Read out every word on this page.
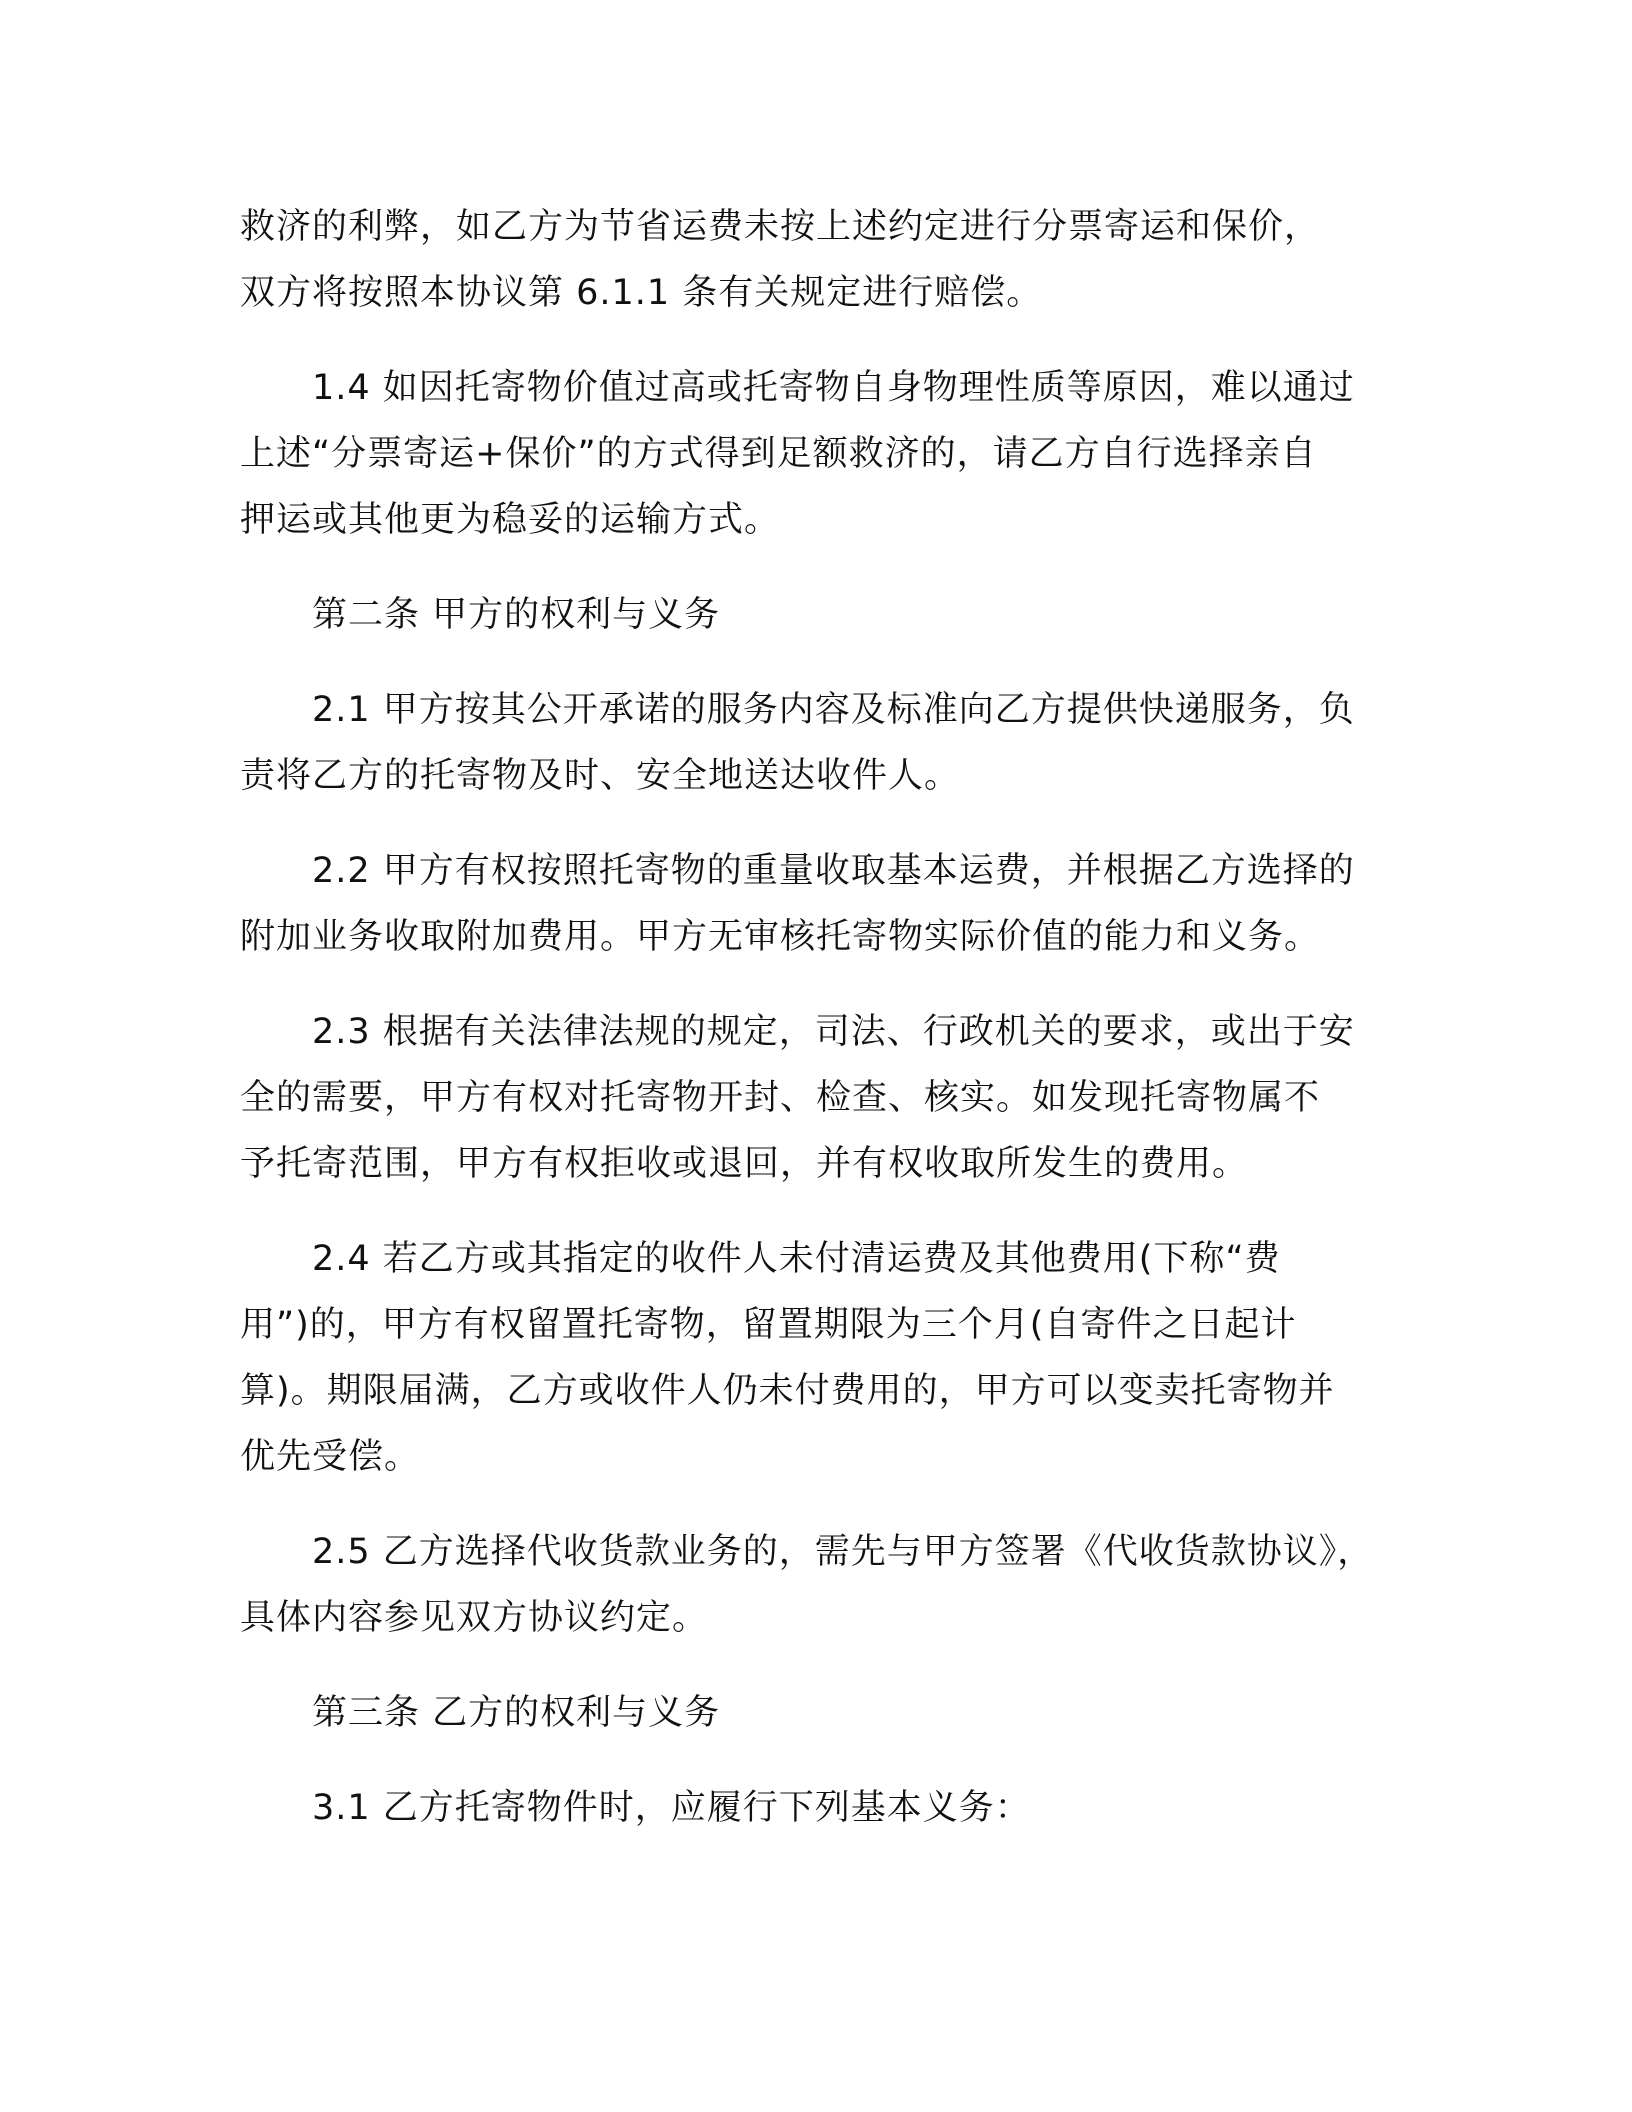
救济的利弊，如乙方为节省运费未按上述约定进行分票寄运和保价，
双方将按照本协议第 6.1.1 条有关规定进行赔偿。

1.4 如因托寄物价值过高或托寄物自身物理性质等原因，难以通过
上述“分票寄运+保价”的方式得到足额救济的，请乙方自行选择亲自
押运或其他更为稳妥的运输方式。

第二条 甲方的权利与义务

2.1 甲方按其公开承诺的服务内容及标准向乙方提供快递服务，负
责将乙方的托寄物及时、安全地送达收件人。

2.2 甲方有权按照托寄物的重量收取基本运费，并根据乙方选择的
附加业务收取附加费用。甲方无审核托寄物实际价值的能力和义务。

2.3 根据有关法律法规的规定，司法、行政机关的要求，或出于安
全的需要，甲方有权对托寄物开封、检查、核实。如发现托寄物属不
予托寄范围，甲方有权拒收或退回，并有权收取所发生的费用。

2.4 若乙方或其指定的收件人未付清运费及其他费用(下称“费
用”)的，甲方有权留置托寄物，留置期限为三个月(自寄件之日起计
算)。期限届满，乙方或收件人仍未付费用的，甲方可以变卖托寄物并
优先受偿。

2.5 乙方选择代收货款业务的，需先与甲方签署《代收货款协议》，
具体内容参见双方协议约定。

第三条 乙方的权利与义务

3.1 乙方托寄物件时，应履行下列基本义务：
